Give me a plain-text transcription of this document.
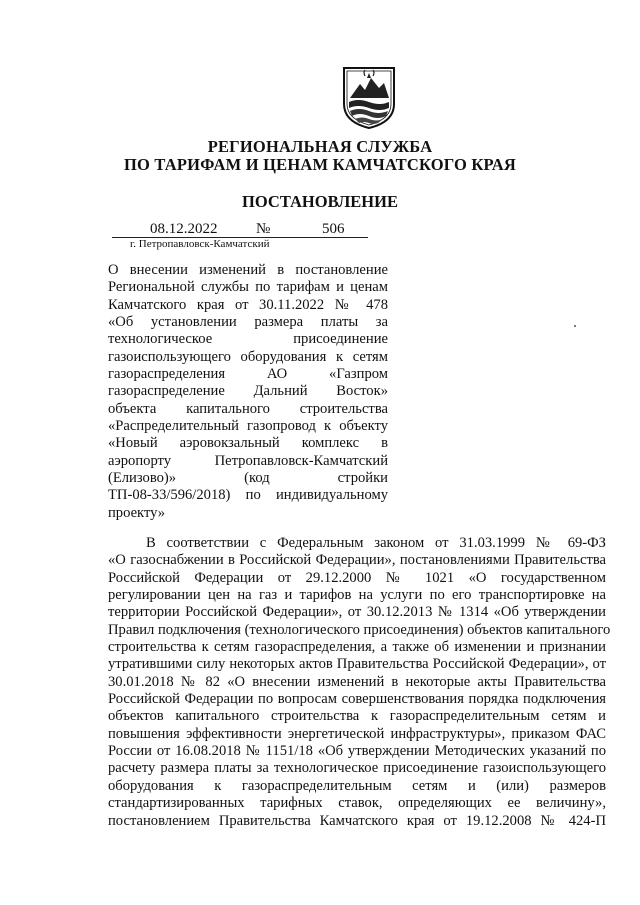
РЕГИОНАЛЬНАЯ СЛУЖБА
ПО ТАРИФАМ И ЦЕНАМ КАМЧАТСКОГО КРАЯ
ПОСТАНОВЛЕНИЕ
08.12.2022	№	506
г. Петропавловск-Камчатский
О внесении изменений в постановление
Региональной службы по тарифам и ценам
Камчатского края от 30.11.2022 № 478
«Об установлении размера платы за
технологическое присоединение
газоиспользующего оборудования к сетям
газораспределения АО «Газпром
газораспределение Дальний Восток»
объекта капитального строительства
«Распределительный газопровод к объекту
«Новый аэровокзальный комплекс в
аэропорту Петропавловск-Камчатский
(Елизово)» (код стройки
ТП-08-33/596/2018) по индивидуальному
проекту»
В соответствии с Федеральным законом от 31.03.1999 № 69-ФЗ
«О газоснабжении в Российской Федерации», постановлениями Правительства
Российской Федерации от 29.12.2000 № 1021 «О государственном
регулировании цен на газ и тарифов на услуги по его транспортировке на
территории Российской Федерации», от 30.12.2013 № 1314 «Об утверждении
Правил подключения (технологического присоединения) объектов капитального
строительства к сетям газораспределения, а также об изменении и признании
утратившими силу некоторых актов Правительства Российской Федерации», от
30.01.2018 № 82 «О внесении изменений в некоторые акты Правительства
Российской Федерации по вопросам совершенствования порядка подключения
объектов капитального строительства к газораспределительным сетям и
повышения эффективности энергетической инфраструктуры», приказом ФАС
России от 16.08.2018 № 1151/18 «Об утверждении Методических указаний по
расчету размера платы за технологическое присоединение газоиспользующего
оборудования к газораспределительным сетям и (или) размеров
стандартизированных тарифных ставок, определяющих ее величину»,
постановлением Правительства Камчатского края от 19.12.2008 № 424-П
